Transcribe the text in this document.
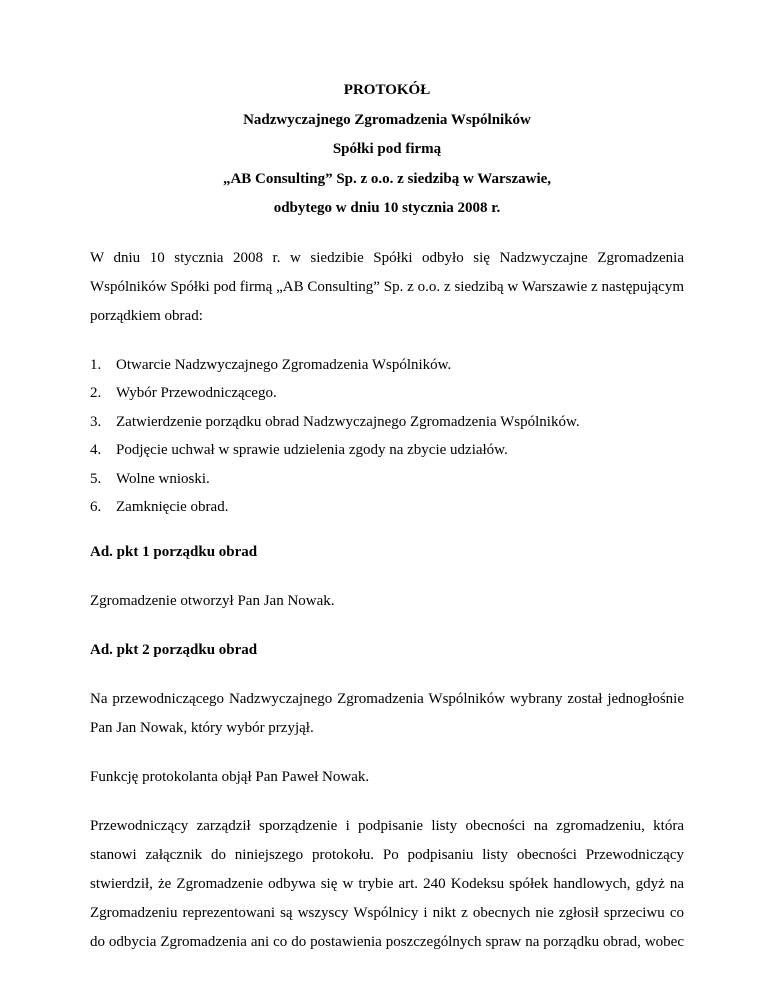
PROTOKÓŁ
Nadzwyczajnego Zgromadzenia Wspólników
Spółki pod firmą
„AB Consulting” Sp. z o.o. z siedzibą w Warszawie,
odbytego w dniu 10 stycznia 2008 r.

W dniu 10 stycznia 2008 r. w siedzibie Spółki odbyło się Nadzwyczajne Zgromadzenia Wspólników Spółki pod firmą „AB Consulting” Sp. z o.o. z siedzibą w Warszawie z następującym porządkiem obrad:

1. Otwarcie Nadzwyczajnego Zgromadzenia Wspólników.
2. Wybór Przewodniczącego.
3. Zatwierdzenie porządku obrad Nadzwyczajnego Zgromadzenia Wspólników.
4. Podjęcie uchwał w sprawie udzielenia zgody na zbycie udziałów.
5. Wolne wnioski.
6. Zamknięcie obrad.

Ad. pkt 1 porządku obrad

Zgromadzenie otworzył Pan Jan Nowak.

Ad. pkt 2 porządku obrad

Na przewodniczącego Nadzwyczajnego Zgromadzenia Wspólników wybrany został jednogłośnie Pan Jan Nowak, który wybór przyjął.

Funkcję protokolanta objął Pan Paweł Nowak.

Przewodniczący zarządził sporządzenie i podpisanie listy obecności na zgromadzeniu, która stanowi załącznik do niniejszego protokołu. Po podpisaniu listy obecności Przewodniczący stwierdził, że Zgromadzenie odbywa się w trybie art. 240 Kodeksu spółek handlowych, gdyż na Zgromadzeniu reprezentowani są wszyscy Wspólnicy i nikt z obecnych nie zgłosił sprzeciwu co do odbycia Zgromadzenia ani co do postawienia poszczególnych spraw na porządku obrad, wobec
